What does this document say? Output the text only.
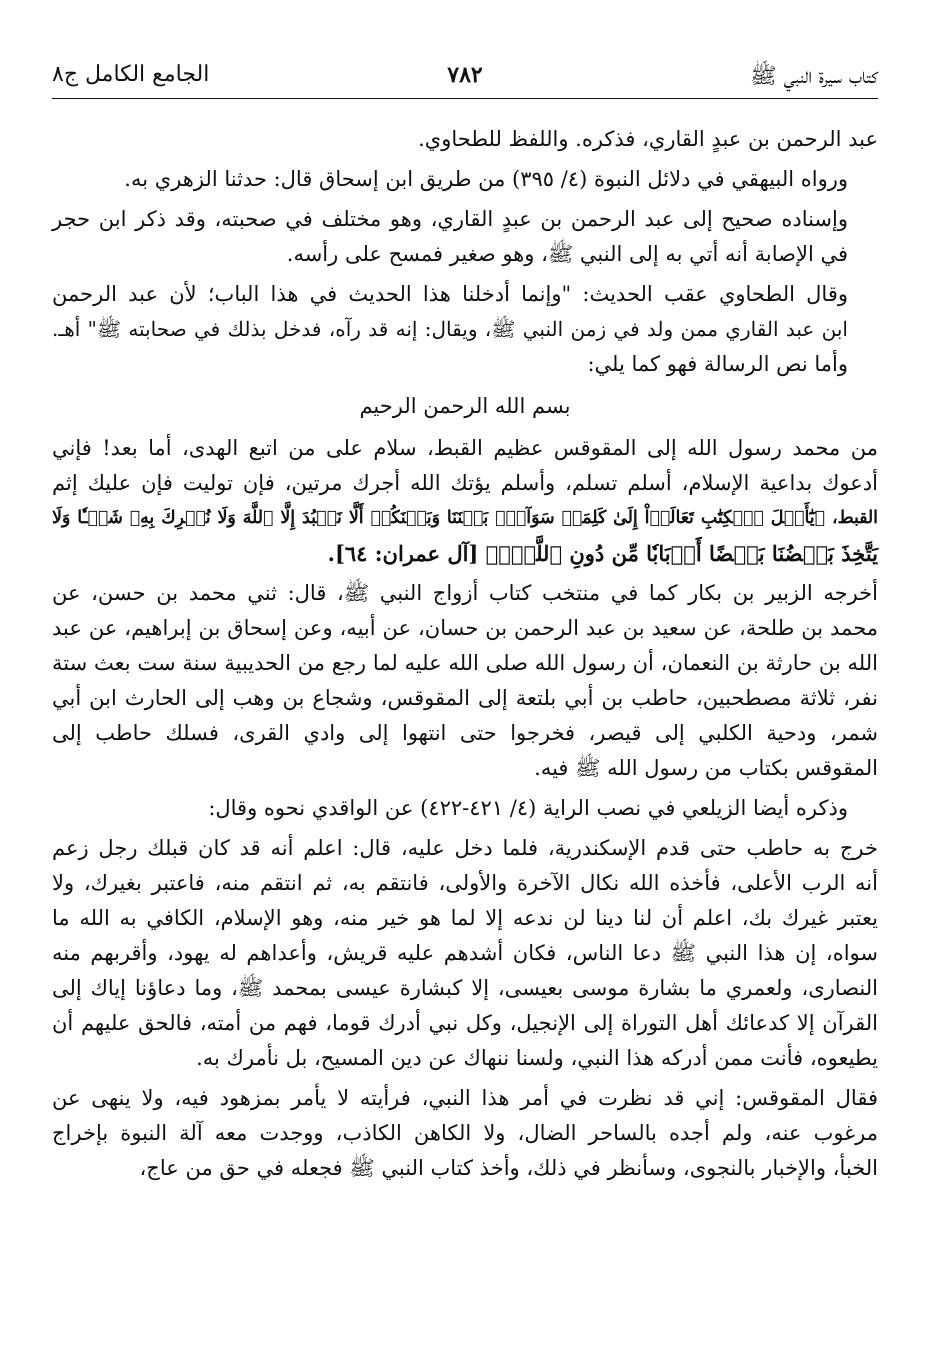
كتاب سيرة النبي ﷺ
٧٨٢
الجامع الكامل ج٨
عبد الرحمن بن عبدٍ القاري، فذكره. واللفظ للطحاوي.
ورواه البيهقي في دلائل النبوة (٤/ ٣٩٥) من طريق ابن إسحاق قال: حدثنا الزهري به.
وإسناده صحيح إلى عبد الرحمن بن عبدٍ القاري، وهو مختلف في صحبته، وقد ذكر ابن حجر
في الإصابة أنه أتي به إلى النبي ﷺ، وهو صغير فمسح على رأسه.
وقال الطحاوي عقب الحديث: "وإنما أدخلنا هذا الحديث في هذا الباب؛ لأن عبد الرحمن
ابن عبد القاري ممن ولد في زمن النبي ﷺ، ويقال: إنه قد رآه، فدخل بذلك في صحابته ﷺ" أهـ.
وأما نص الرسالة فهو كما يلي:
بسم الله الرحمن الرحيم
من محمد رسول الله إلى المقوقس عظيم القبط، سلام على من اتبع الهدى، أما بعد! فإني
أدعوك بداعية الإسلام، أسلم تسلم، وأسلم يؤتك الله أجرك مرتين، فإن توليت فإن عليك إثم
القبط، ﴿يَٰٓأَهۡلَ ٱلۡكِتَٰبِ تَعَالَوۡاْ إِلَىٰ كَلِمَةٖ سَوَآءِۭ بَيۡنَنَا وَبَيۡنَكُمۡ أَلَّا نَعۡبُدَ إِلَّا ٱللَّهَ وَلَا نُشۡرِكَ بِهِۦ شَيۡـٔٗا وَلَا
يَتَّخِذَ بَعۡضُنَا بَعۡضًا أَرۡبَابٗا مِّن دُونِ ٱللَّهِۚ﴾ [آل عمران: ٦٤].
أخرجه الزبير بن بكار كما في منتخب كتاب أزواج النبي ﷺ، قال: ثني محمد بن حسن، عن
محمد بن طلحة، عن سعيد بن عبد الرحمن بن حسان، عن أبيه، وعن إسحاق بن إبراهيم، عن عبد
الله بن حارثة بن النعمان، أن رسول الله صلى الله عليه لما رجع من الحديبية سنة ست بعث ستة
نفر، ثلاثة مصطحبين، حاطب بن أبي بلتعة إلى المقوقس، وشجاع بن وهب إلى الحارث ابن أبي
شمر، ودحية الكلبي إلى قيصر، فخرجوا حتى انتهوا إلى وادي القرى، فسلك حاطب إلى
المقوقس بكتاب من رسول الله ﷺ فيه.
وذكره أيضا الزيلعي في نصب الراية (٤/ ٤٢١-٤٢٢) عن الواقدي نحوه وقال:
خرج به حاطب حتى قدم الإسكندرية، فلما دخل عليه، قال: اعلم أنه قد كان قبلك رجل زعم
أنه الرب الأعلى، فأخذه الله نكال الآخرة والأولى، فانتقم به، ثم انتقم منه، فاعتبر بغيرك، ولا
يعتبر غيرك بك، اعلم أن لنا دينا لن ندعه إلا لما هو خير منه، وهو الإسلام، الكافي به الله ما
سواه، إن هذا النبي ﷺ دعا الناس، فكان أشدهم عليه قريش، وأعداهم له يهود، وأقربهم منه
النصارى، ولعمري ما بشارة موسى بعيسى، إلا كبشارة عيسى بمحمد ﷺ، وما دعاؤنا إياك إلى
القرآن إلا كدعائك أهل التوراة إلى الإنجيل، وكل نبي أدرك قوما، فهم من أمته، فالحق عليهم أن
يطيعوه، فأنت ممن أدركه هذا النبي، ولسنا ننهاك عن دين المسيح، بل نأمرك به.
فقال المقوقس: إني قد نظرت في أمر هذا النبي، فرأيته لا يأمر بمزهود فيه، ولا ينهى عن
مرغوب عنه، ولم أجده بالساحر الضال، ولا الكاهن الكاذب، ووجدت معه آلة النبوة بإخراج
الخبأ، والإخبار بالنجوى، وسأنظر في ذلك، وأخذ كتاب النبي ﷺ فجعله في حق من عاج،
